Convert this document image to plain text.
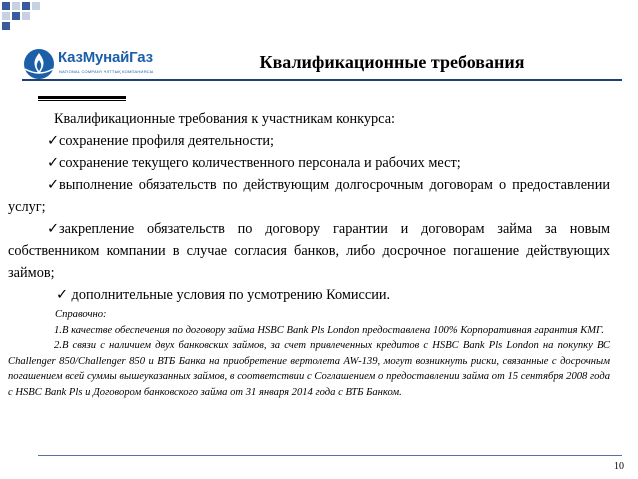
КазМунайГаз
NATIONAL COMPANY ҰЛТТЫҚ КОМПАНИЯСЫ	Квалификационные требования

Квалификационные требования к участникам конкурса:

✓сохранение профиля деятельности;

✓сохранение текущего количественного персонала и рабочих мест;

✓выполнение обязательств по действующим долгосрочным договорам о предоставлении услуг;

✓закрепление обязательств по договору гарантии и договорам займа за новым собственником компании в случае согласия банков, либо досрочное погашение действующих займов;

✓ дополнительные условия по усмотрению Комиссии.

Справочно:

1.В качестве обеспечения по договору займа HSBC Bank Pls London предоставлена 100% Корпоративная гарантия КМГ.

2.В связи с наличием двух банковских займов, за счет привлеченных кредитов с HSBC Bank Pls London на покупку ВС Challenger 850/Challenger 850 и ВТБ Банка на приобретение вертолета AW-139, могут возникнуть риски, связанные с досрочным погашением всей суммы вышеуказанных займов, в соответствии с Соглашением о предоставлении займа от 15 сентября 2008 года с HSBC Bank Pls и Договором банковского займа от 31 января 2014 года с ВТБ Банком.

10
